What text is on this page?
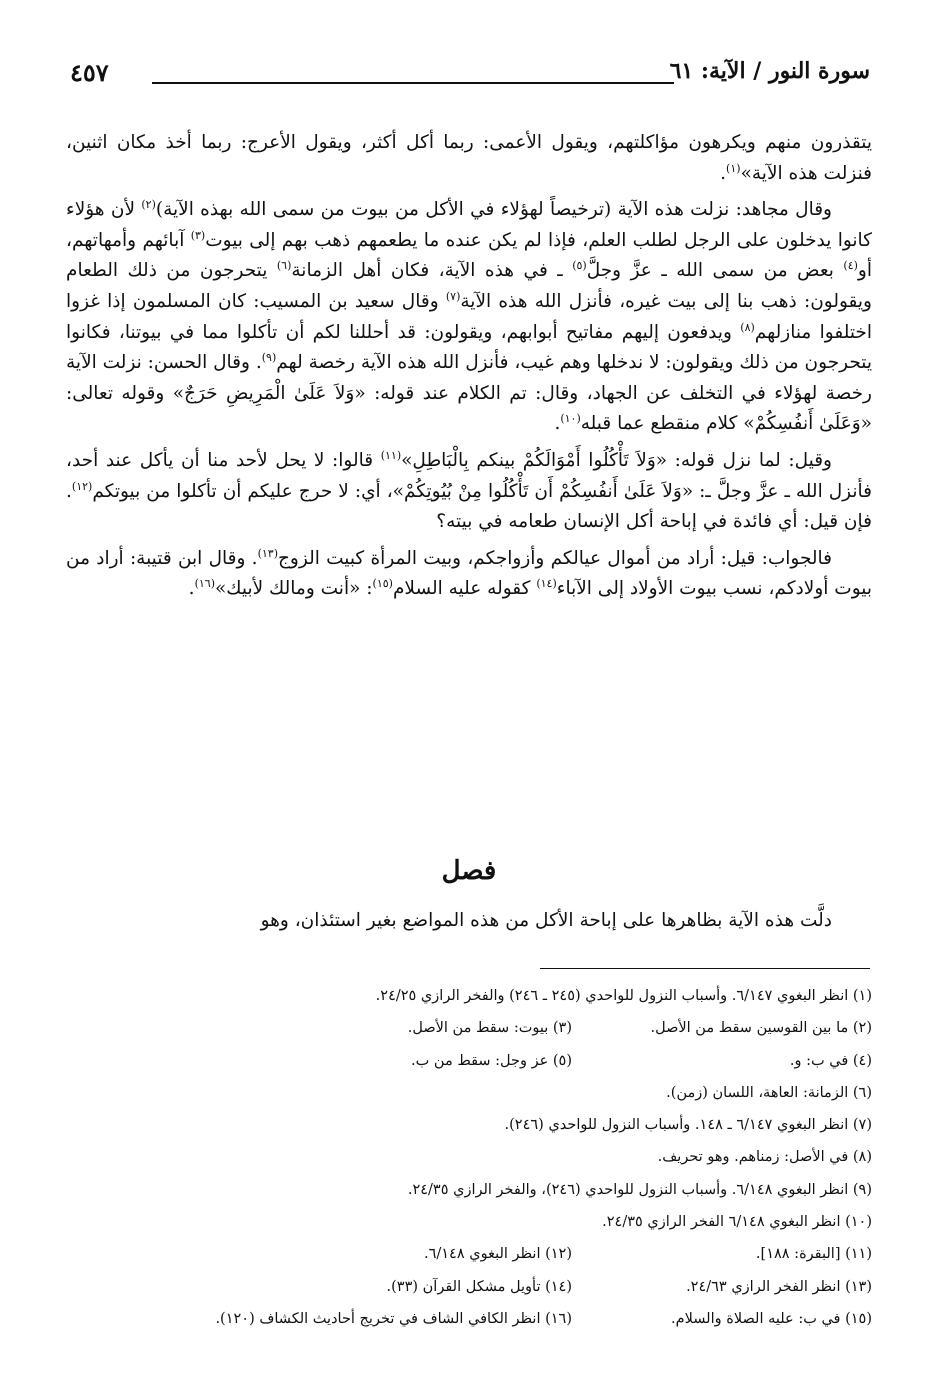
سورة النور / الآية: ٦١
٤٥٧

يتقذرون منهم ويكرهون مؤاكلتهم، ويقول الأعمى: ربما أكل أكثر، ويقول الأعرج: ربما أخذ مكان اثنين، فنزلت هذه الآية»$^{(١)}$.

وقال مجاهد: نزلت هذه الآية (ترخيصاً لهؤلاء في الأكل من بيوت من سمى الله بهذه الآية)$^{(٢)}$ لأن هؤلاء كانوا يدخلون على الرجل لطلب العلم، فإذا لم يكن عنده ما يطعمهم ذهب بهم إلى بيوت$^{(٣)}$ آبائهم وأمهاتهم، أو$^{(٤)}$ بعض من سمى الله ـ عزَّ وجلَّ$^{(٥)}$ ـ في هذه الآية، فكان أهل الزمانة$^{(٦)}$ يتحرجون من ذلك الطعام ويقولون: ذهب بنا إلى بيت غيره، فأنزل الله هذه الآية$^{(٧)}$ وقال سعيد بن المسيب: كان المسلمون إذا غزوا اختلفوا منازلهم$^{(٨)}$ ويدفعون إليهم مفاتيح أبوابهم، ويقولون: قد أحللنا لكم أن تأكلوا مما في بيوتنا، فكانوا يتحرجون من ذلك ويقولون: لا ندخلها وهم غيب، فأنزل الله هذه الآية رخصة لهم$^{(٩)}$. وقال الحسن: نزلت الآية رخصة لهؤلاء في التخلف عن الجهاد، وقال: تم الكلام عند قوله: «وَلاَ عَلَىٰ الْمَرِيضِ حَرَجٌ» وقوله تعالى: «وَعَلَىٰ أَنفُسِكُمْ» كلام منقطع عما قبله$^{(١٠)}$.

وقيل: لما نزل قوله: «وَلاَ تَأْكُلُوا أَمْوَالَكُمْ بينكم بِالْبَاطِلِ»$^{(١١)}$ قالوا: لا يحل لأحد منا أن يأكل عند أحد، فأنزل الله ـ عزَّ وجلَّ ـ: «وَلاَ عَلَىٰ أَنفُسِكُمْ أَن تَأْكُلُوا مِنْ بُيُوتِكُمْ»، أي: لا حرج عليكم أن تأكلوا من بيوتكم$^{(١٢)}$. فإن قيل: أي فائدة في إباحة أكل الإنسان طعامه في بيته؟

فالجواب: قيل: أراد من أموال عيالكم وأزواجكم، وبيت المرأة كبيت الزوج$^{(١٣)}$. وقال ابن قتيبة: أراد من بيوت أولادكم، نسب بيوت الأولاد إلى الآباء$^{(١٤)}$ كقوله عليه السلام$^{(١٥)}$: «أنت ومالك لأبيك»$^{(١٦)}$.

فصل
دلَّت هذه الآية بظاهرها على إباحة الأكل من هذه المواضع بغير استئذان، وهو
(١) انظر البغوي ٦/١٤٧. وأسباب النزول للواحدي (٢٤٥ ـ ٢٤٦) والفخر الرازي ٢٤/٢٥.
(٢) ما بين القوسين سقط من الأصل.
(٣) بيوت: سقط من الأصل.
(٤) في ب: و.
(٥) عز وجل: سقط من ب.
(٦) الزمانة: العاهة، اللسان (زمن).
(٧) انظر البغوي ٦/١٤٧ ـ ١٤٨. وأسباب النزول للواحدي (٢٤٦).
(٨) في الأصل: زمناهم. وهو تحريف.
(٩) انظر البغوي ٦/١٤٨. وأسباب النزول للواحدي (٢٤٦)، والفخر الرازي ٢٤/٣٥.
(١٠) انظر البغوي ٦/١٤٨ الفخر الرازي ٢٤/٣٥.
(١١) [البقرة: ١٨٨].
(١٢) انظر البغوي ٦/١٤٨.
(١٣) انظر الفخر الرازي ٢٤/٦٣.
(١٤) تأويل مشكل القرآن (٣٣).
(١٥) في ب: عليه الصلاة والسلام.
(١٦) انظر الكافي الشاف في تخريج أحاديث الكشاف (١٢٠).
